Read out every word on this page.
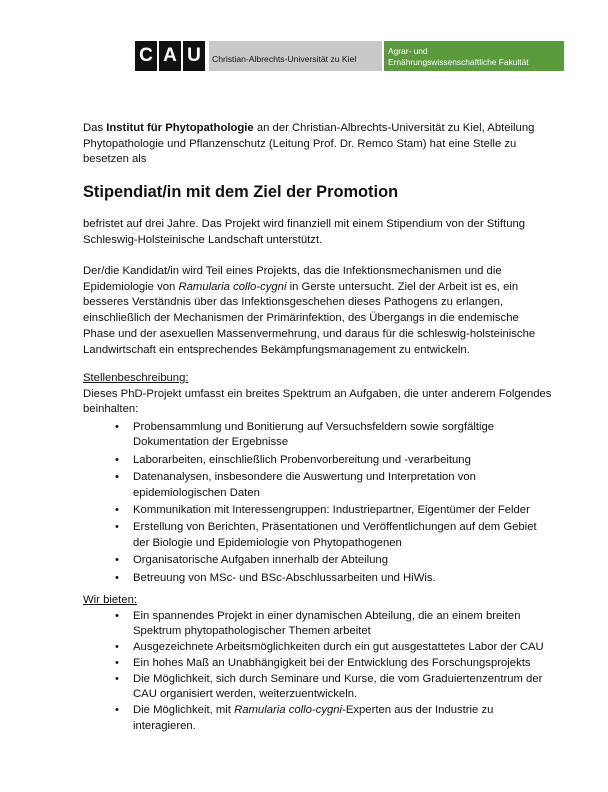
C A U	Christian-Albrechts-Universität zu Kiel
Agrar- und
Ernährungswissenschaftliche Fakultät

Das Institut für Phytopathologie an der Christian-Albrechts-Universität zu Kiel, Abteilung Phytopathologie und Pflanzenschutz (Leitung Prof. Dr. Remco Stam) hat eine Stelle zu besetzen als

Stipendiat/in mit dem Ziel der Promotion

befristet auf drei Jahre. Das Projekt wird finanziell mit einem Stipendium von der Stiftung Schleswig-Holsteinische Landschaft unterstützt.

Der/die Kandidat/in wird Teil eines Projekts, das die Infektionsmechanismen und die Epidemiologie von Ramularia collo-cygni in Gerste untersucht. Ziel der Arbeit ist es, ein besseres Verständnis über das Infektionsgeschehen dieses Pathogens zu erlangen, einschließlich der Mechanismen der Primärinfektion, des Übergangs in die endemische Phase und der asexuellen Massenvermehrung, und daraus für die schleswig-holsteinische Landwirtschaft ein entsprechendes Bekämpfungsmanagement zu entwickeln.

Stellenbeschreibung:

Dieses PhD-Projekt umfasst ein breites Spektrum an Aufgaben, die unter anderem Folgendes beinhalten:

• Probensammlung und Bonitierung auf Versuchsfeldern sowie sorgfältige Dokumentation der Ergebnisse
• Laborarbeiten, einschließlich Probenvorbereitung und -verarbeitung
• Datenanalysen, insbesondere die Auswertung und Interpretation von epidemiologischen Daten
• Kommunikation mit Interessengruppen: Industriepartner, Eigentümer der Felder
• Erstellung von Berichten, Präsentationen und Veröffentlichungen auf dem Gebiet der Biologie und Epidemiologie von Phytopathogenen
• Organisatorische Aufgaben innerhalb der Abteilung
• Betreuung von MSc- und BSc-Abschlussarbeiten und HiWis.

Wir bieten:

• Ein spannendes Projekt in einer dynamischen Abteilung, die an einem breiten Spektrum phytopathologischer Themen arbeitet
• Ausgezeichnete Arbeitsmöglichkeiten durch ein gut ausgestattetes Labor der CAU
• Ein hohes Maß an Unabhängigkeit bei der Entwicklung des Forschungsprojekts
• Die Möglichkeit, sich durch Seminare und Kurse, die vom Graduiertenzentrum der CAU organisiert werden, weiterzuentwickeln.
• Die Möglichkeit, mit Ramularia collo-cygni-Experten aus der Industrie zu interagieren.
